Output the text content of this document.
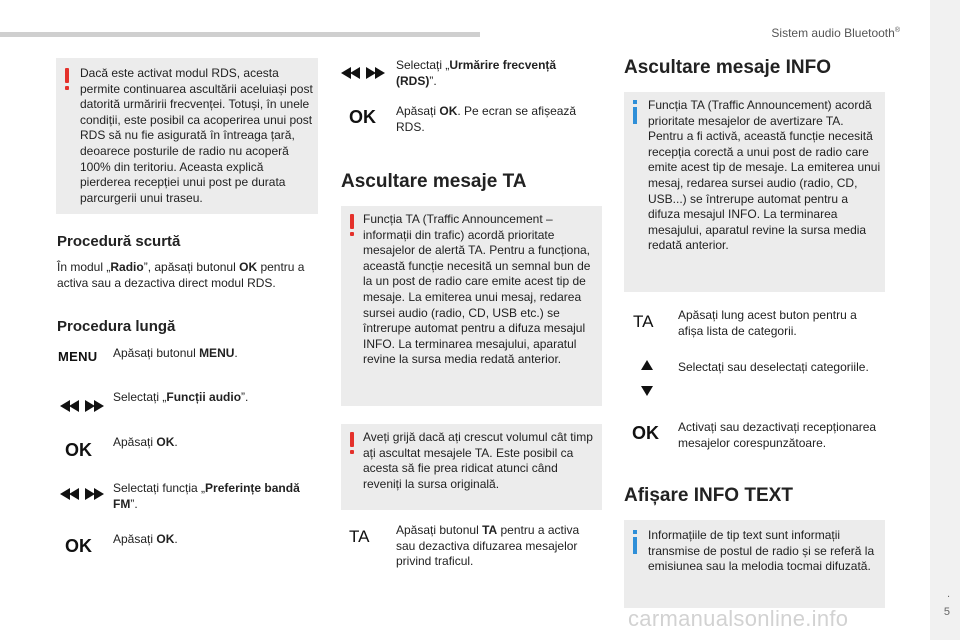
Sistem audio Bluetooth®
.
5
Dacă este activat modul RDS, acesta permite continuarea ascultării aceluiași post datorită urmăririi frecvenței. Totuși, în unele condiții, este posibil ca acoperirea unui post RDS să nu fie asigurată în întreaga țară, deoarece posturile de radio nu acoperă 100% din teritoriu. Aceasta explică pierderea recepției unui post pe durata parcurgerii unui traseu.
Procedură scurtă
În modul „Radio”, apăsați butonul OK pentru a activa sau a dezactiva direct modul RDS.
Procedura lungă
MENU Apăsați butonul MENU.
Selectați „Funcții audio”.
OK Apăsați OK.
Selectați funcția „Preferințe bandă FM”.
OK Apăsați OK.
Selectați „Urmărire frecvență (RDS)”.
OK Apăsați OK. Pe ecran se afișează RDS.
Ascultare mesaje TA
Funcția TA (Traffic Announcement – informații din trafic) acordă prioritate mesajelor de alertă TA. Pentru a funcționa, această funcție necesită un semnal bun de la un post de radio care emite acest tip de mesaje. La emiterea unui mesaj, redarea sursei audio (radio, CD, USB etc.) se întrerupe automat pentru a difuza mesajul INFO. La terminarea mesajului, aparatul revine la sursa media redată anterior.
Aveți grijă dacă ați crescut volumul cât timp ați ascultat mesajele TA. Este posibil ca acesta să fie prea ridicat atunci când reveniți la sursa originală.
TA Apăsați butonul TA pentru a activa sau dezactiva difuzarea mesajelor privind traficul.
Ascultare mesaje INFO
Funcția TA (Traffic Announcement) acordă prioritate mesajelor de avertizare TA. Pentru a fi activă, această funcție necesită recepția corectă a unui post de radio care emite acest tip de mesaje. La emiterea unui mesaj, redarea sursei audio (radio, CD, USB...) se întrerupe automat pentru a difuza mesajul INFO. La terminarea mesajului, aparatul revine la sursa media redată anterior.
TA Apăsați lung acest buton pentru a afișa lista de categorii.
Selectați sau deselectați categoriile.
OK Activați sau dezactivați recepționarea mesajelor corespunzătoare.
Afișare INFO TEXT
Informațiile de tip text sunt informații transmise de postul de radio și se referă la emisiunea sau la melodia tocmai difuzată.
carmanualsonline.info
